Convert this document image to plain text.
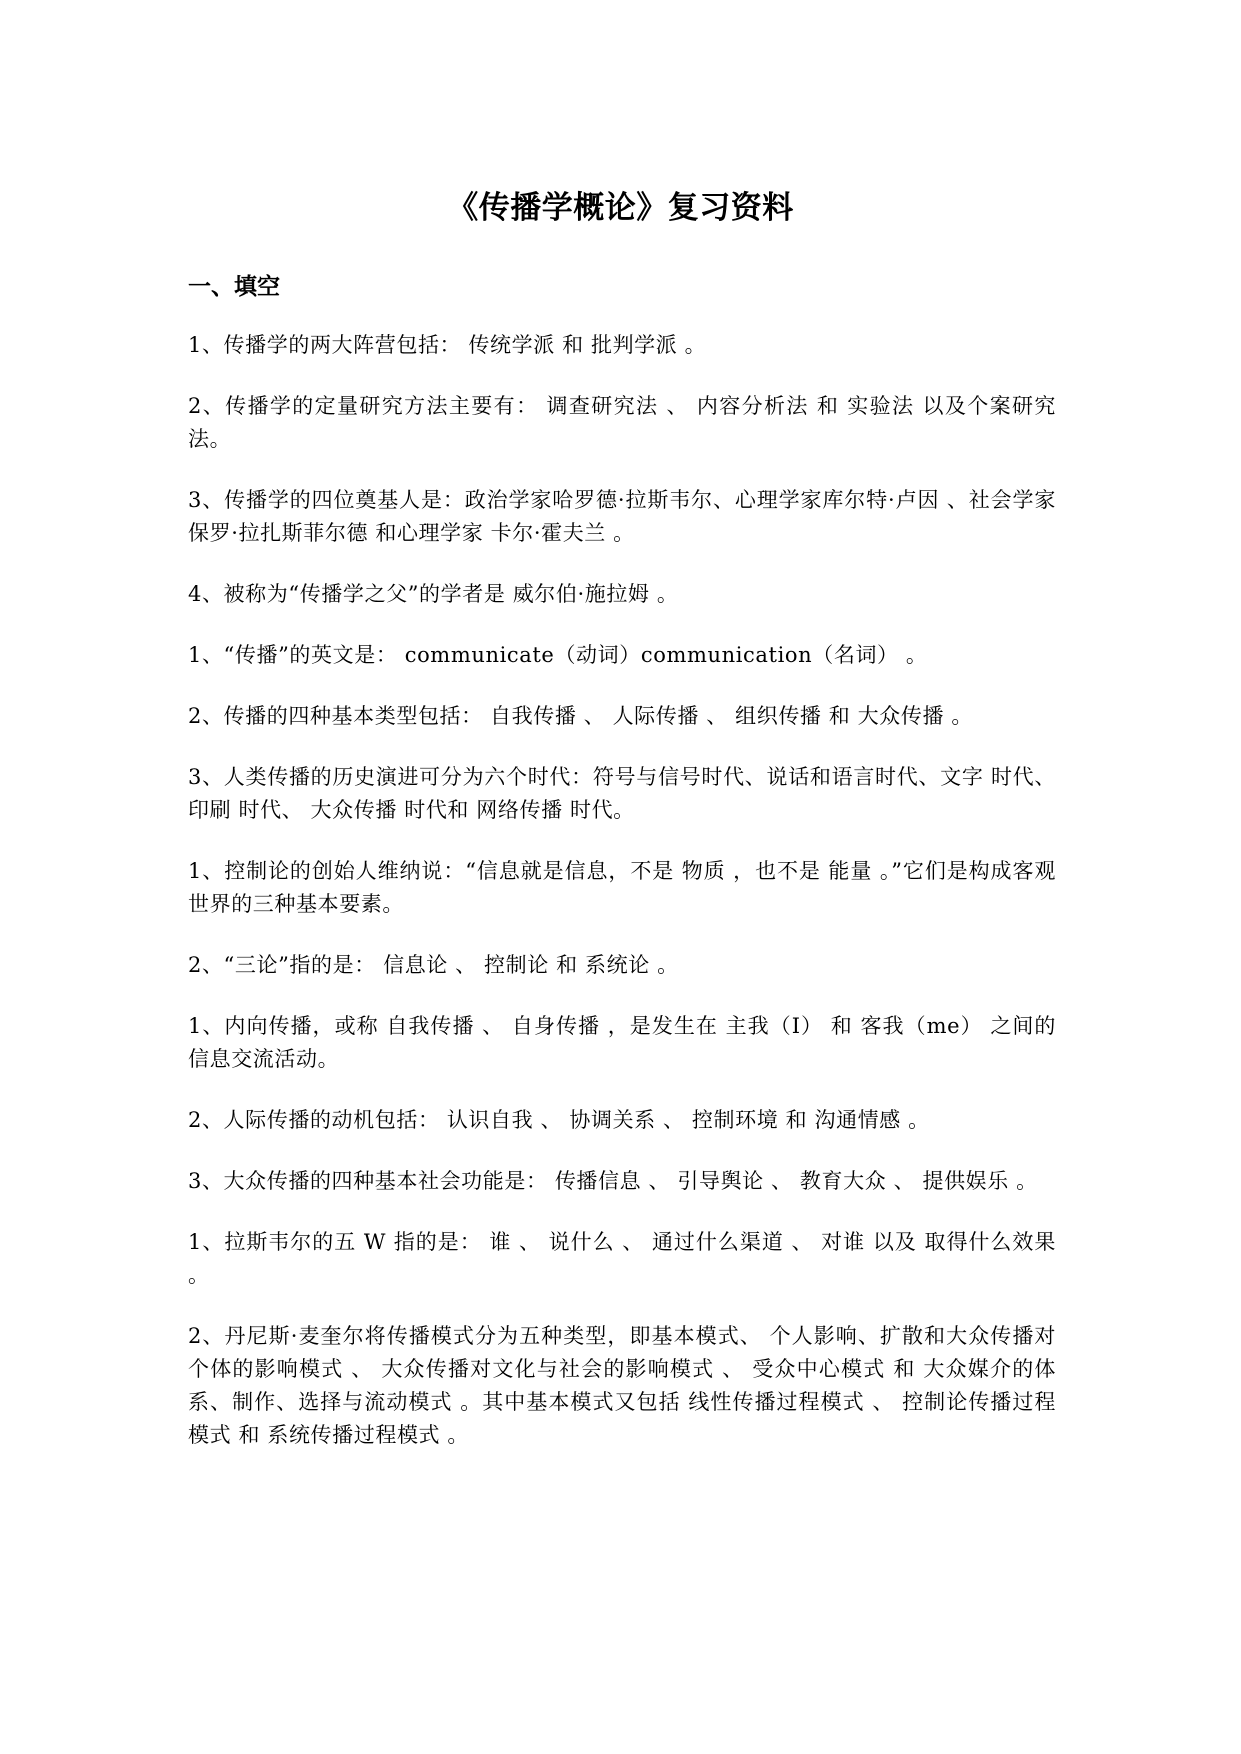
《传播学概论》复习资料
一、填空

1、传播学的两大阵营包括： 传统学派 和 批判学派 。

2、传播学的定量研究方法主要有： 调查研究法 、 内容分析法 和 实验法 以及个案研究法。

3、传播学的四位奠基人是：政治学家哈罗德·拉斯韦尔、心理学家库尔特·卢因 、社会学家 保罗·拉扎斯菲尔德 和心理学家 卡尔·霍夫兰 。

4、被称为“传播学之父”的学者是 威尔伯·施拉姆 。

1、“传播”的英文是： communicate（动词）communication（名词） 。

2、传播的四种基本类型包括： 自我传播 、 人际传播 、 组织传播 和 大众传播 。

3、人类传播的历史演进可分为六个时代：符号与信号时代、说话和语言时代、文字 时代、 印刷 时代、 大众传播 时代和 网络传播 时代。

1、控制论的创始人维纳说：“信息就是信息，不是 物质 ，也不是 能量 。”它们是构成客观世界的三种基本要素。

2、“三论”指的是： 信息论 、 控制论 和 系统论 。

1、内向传播，或称 自我传播 、 自身传播 ，是发生在 主我（I） 和 客我（me） 之间的信息交流活动。

2、人际传播的动机包括： 认识自我 、 协调关系 、 控制环境 和 沟通情感 。

3、大众传播的四种基本社会功能是： 传播信息 、 引导舆论 、 教育大众 、 提供娱乐 。

1、拉斯韦尔的五 W 指的是： 谁 、 说什么 、 通过什么渠道 、 对谁 以及 取得什么效果 。

2、丹尼斯·麦奎尔将传播模式分为五种类型，即基本模式、 个人影响、扩散和大众传播对个体的影响模式 、 大众传播对文化与社会的影响模式 、 受众中心模式 和 大众媒介的体系、制作、选择与流动模式 。其中基本模式又包括 线性传播过程模式 、 控制论传播过程模式 和 系统传播过程模式 。
